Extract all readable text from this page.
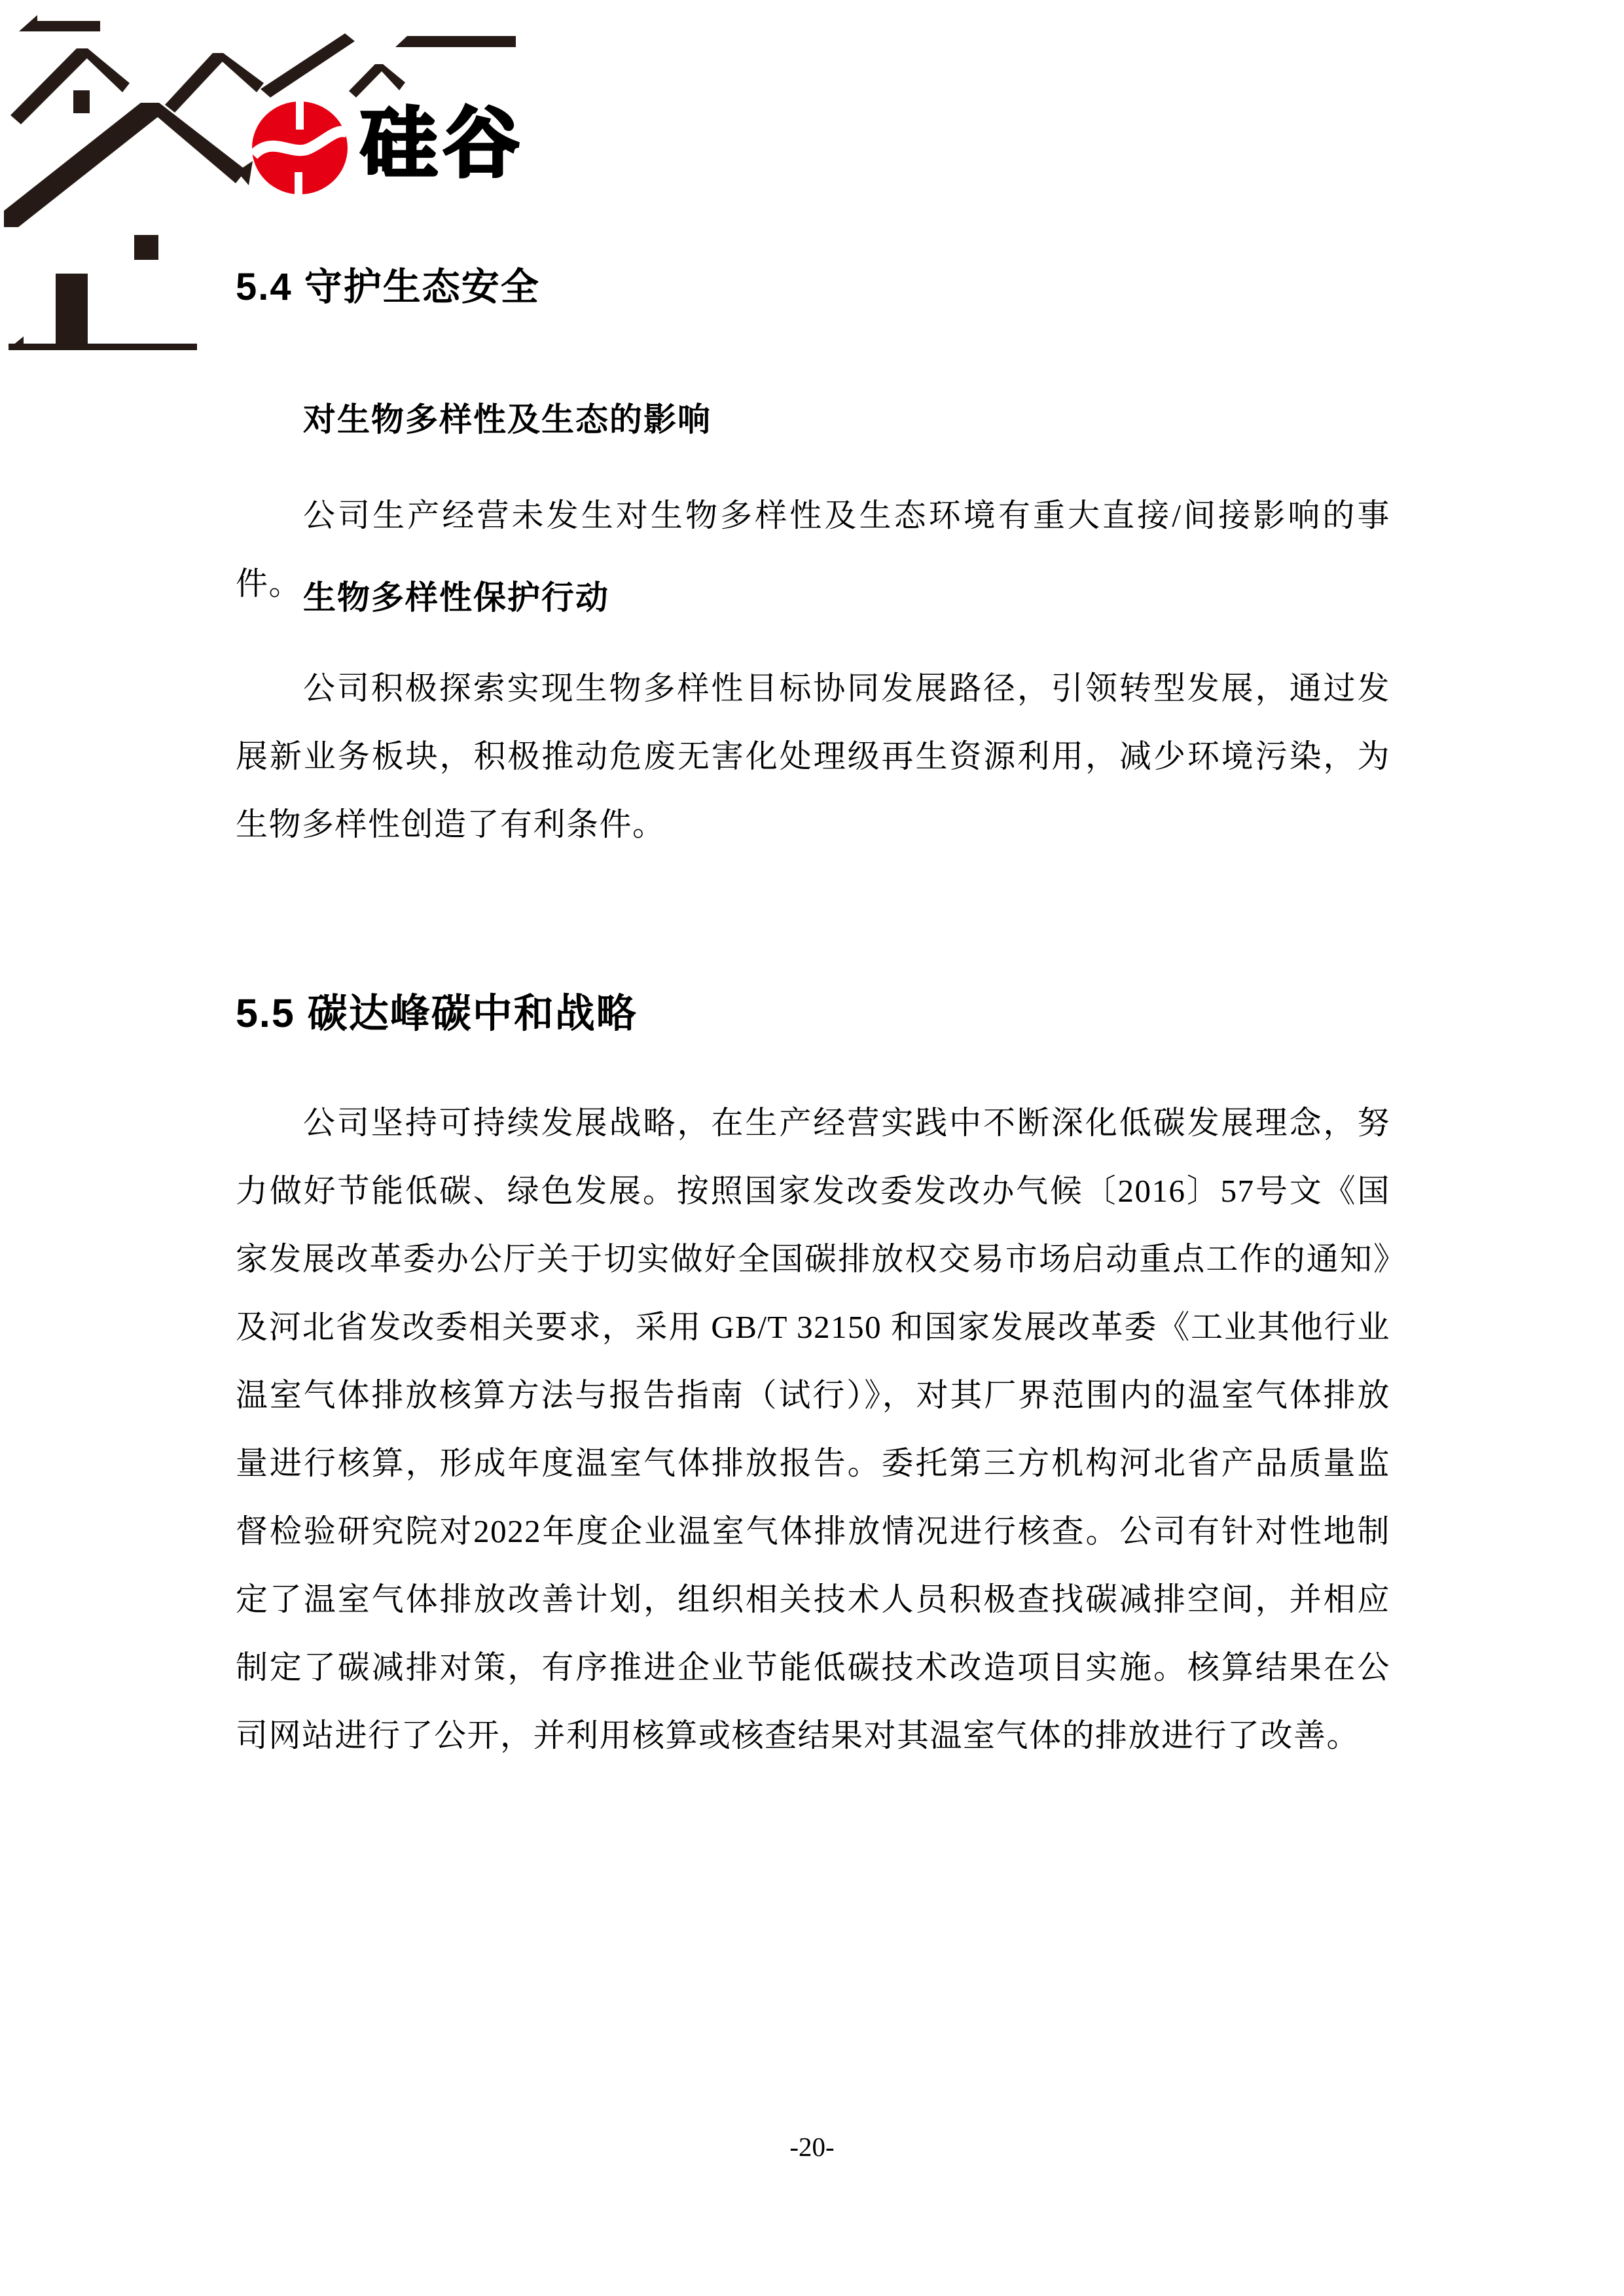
硅谷
5.4 守护生态安全
对生物多样性及生态的影响
公司生产经营未发生对生物多样性及生态环境有重大直接/间接影响的事件。 生物多样性保护行动
公司积极探索实现生物多样性目标协同发展路径，引领转型发展，通过发展新业务板块，积极推动危废无害化处理级再生资源利用，减少环境污染，为生物多样性创造了有利条件。
5.5 碳达峰碳中和战略
公司坚持可持续发展战略，在生产经营实践中不断深化低碳发展理念，努力做好节能低碳、绿色发展。按照国家发改委发改办气候〔2016〕57号文《国家发展改革委办公厅关于切实做好全国碳排放权交易市场启动重点工作的通知》及河北省发改委相关要求，采用 GB/T 32150 和国家发展改革委《工业其他行业温室气体排放核算方法与报告指南（试行）》，对其厂界范围内的温室气体排放量进行核算，形成年度温室气体排放报告。委托第三方机构河北省产品质量监督检验研究院对2022年度企业温室气体排放情况进行核查。公司有针对性地制定了温室气体排放改善计划，组织相关技术人员积极查找碳减排空间，并相应制定了碳减排对策，有序推进企业节能低碳技术改造项目实施。核算结果在公司网站进行了公开，并利用核算或核查结果对其温室气体的排放进行了改善。
-20-
